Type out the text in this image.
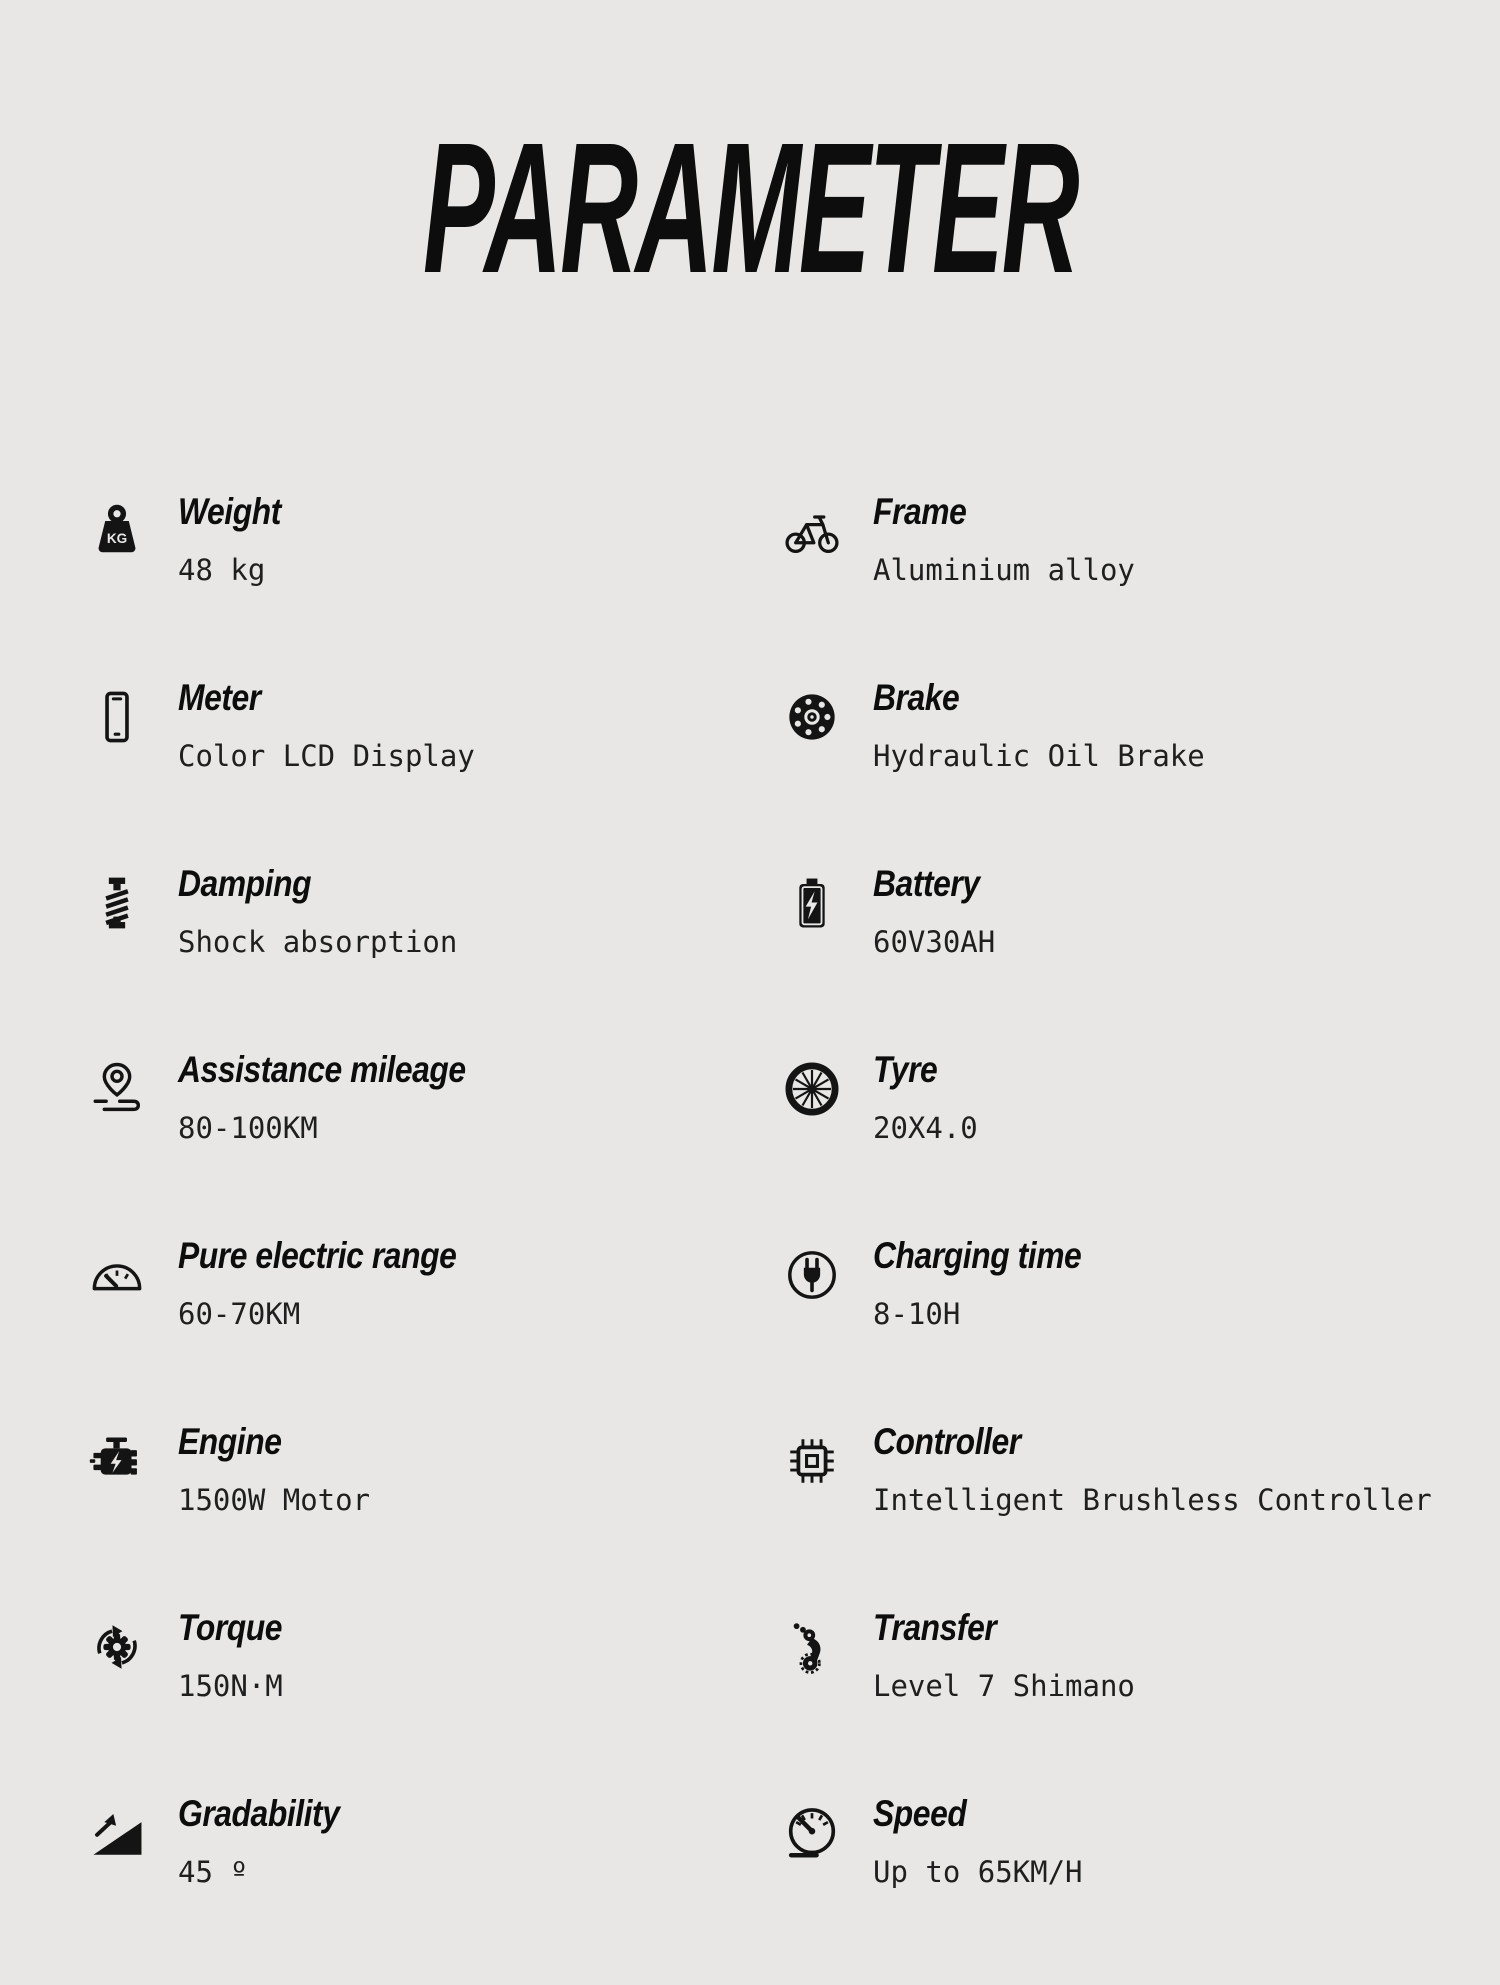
PARAMETER
KG
Weight
48 kg
Meter
Color LCD Display
Damping
Shock absorption
Assistance mileage
80-100KM
Pure electric range
60-70KM
Engine
1500W Motor
Torque
150N·M
Gradability
45 º
Frame
Aluminium alloy
Brake
Hydraulic Oil Brake
Battery
60V30AH
Tyre
20X4.0
Charging time
8-10H
Controller
Intelligent Brushless Controller
Transfer
Level 7 Shimano
Speed
Up to 65KM/H
